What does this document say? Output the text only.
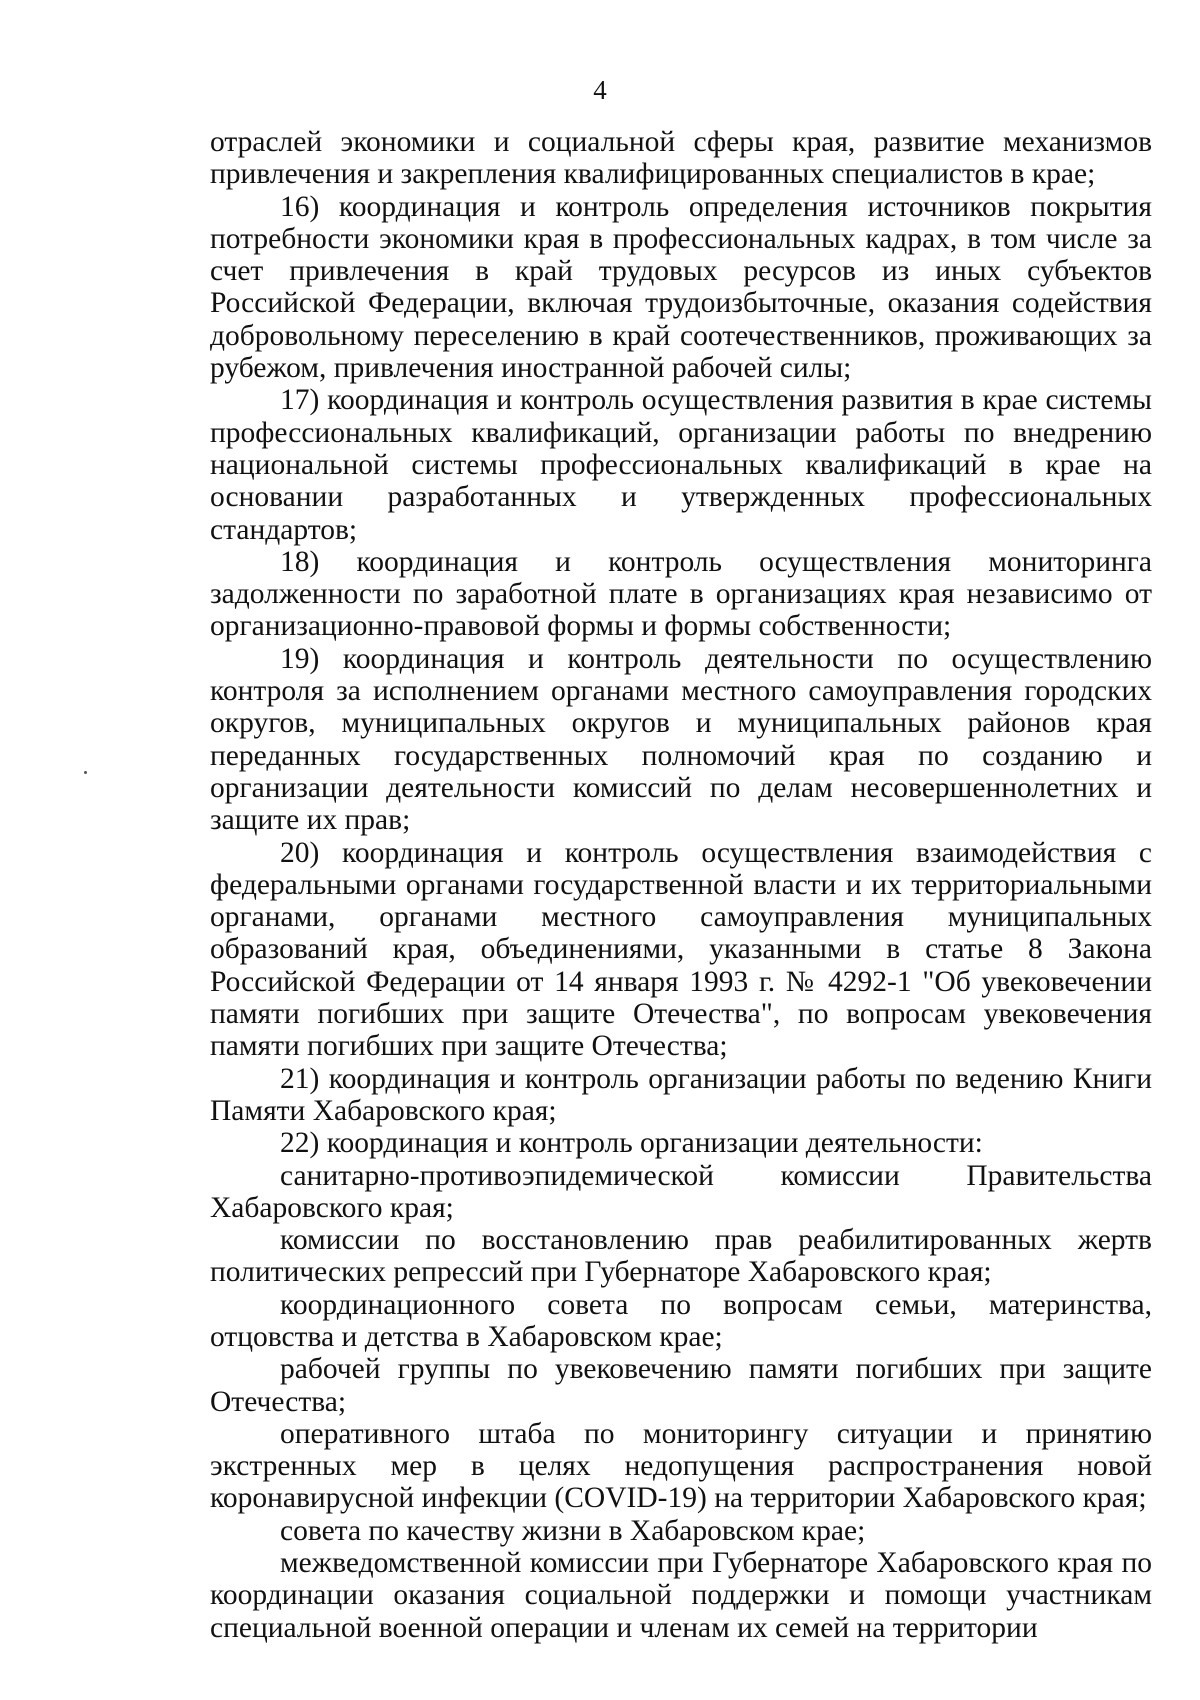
4

отраслей экономики и социальной сферы края, развитие механизмов привлечения и закрепления квалифицированных специалистов в крае;

16) координация и контроль определения источников покрытия потребности экономики края в профессиональных кадрах, в том числе за счет привлечения в край трудовых ресурсов из иных субъектов Российской Федерации, включая трудоизбыточные, оказания содействия добровольному переселению в край соотечественников, проживающих за рубежом, привлечения иностранной рабочей силы;

17) координация и контроль осуществления развития в крае системы профессиональных квалификаций, организации работы по внедрению национальной системы профессиональных квалификаций в крае на основании разработанных и утвержденных профессиональных стандартов;

18) координация и контроль осуществления мониторинга задолженности по заработной плате в организациях края независимо от организационно-правовой формы и формы собственности;

19) координация и контроль деятельности по осуществлению контроля за исполнением органами местного самоуправления городских округов, муниципальных округов и муниципальных районов края переданных государственных полномочий края по созданию и организации деятельности комиссий по делам несовершеннолетних и защите их прав;

20) координация и контроль осуществления взаимодействия с федеральными органами государственной власти и их территориальными органами, органами местного самоуправления муниципальных образований края, объединениями, указанными в статье 8 Закона Российской Федерации от 14 января 1993 г. № 4292-1 "Об увековечении памяти погибших при защите Отечества", по вопросам увековечения памяти погибших при защите Отечества;

21) координация и контроль организации работы по ведению Книги Памяти Хабаровского края;

22) координация и контроль организации деятельности:

санитарно-противоэпидемической комиссии Правительства Хабаровского края;

комиссии по восстановлению прав реабилитированных жертв политических репрессий при Губернаторе Хабаровского края;

координационного совета по вопросам семьи, материнства, отцовства и детства в Хабаровском крае;

рабочей группы по увековечению памяти погибших при защите Отечества;

оперативного штаба по мониторингу ситуации и принятию экстренных мер в целях недопущения распространения новой коронавирусной инфекции (COVID-19) на территории Хабаровского края;

совета по качеству жизни в Хабаровском крае;

межведомственной комиссии при Губернаторе Хабаровского края по координации оказания социальной поддержки и помощи участникам специальной военной операции и членам их семей на территории
